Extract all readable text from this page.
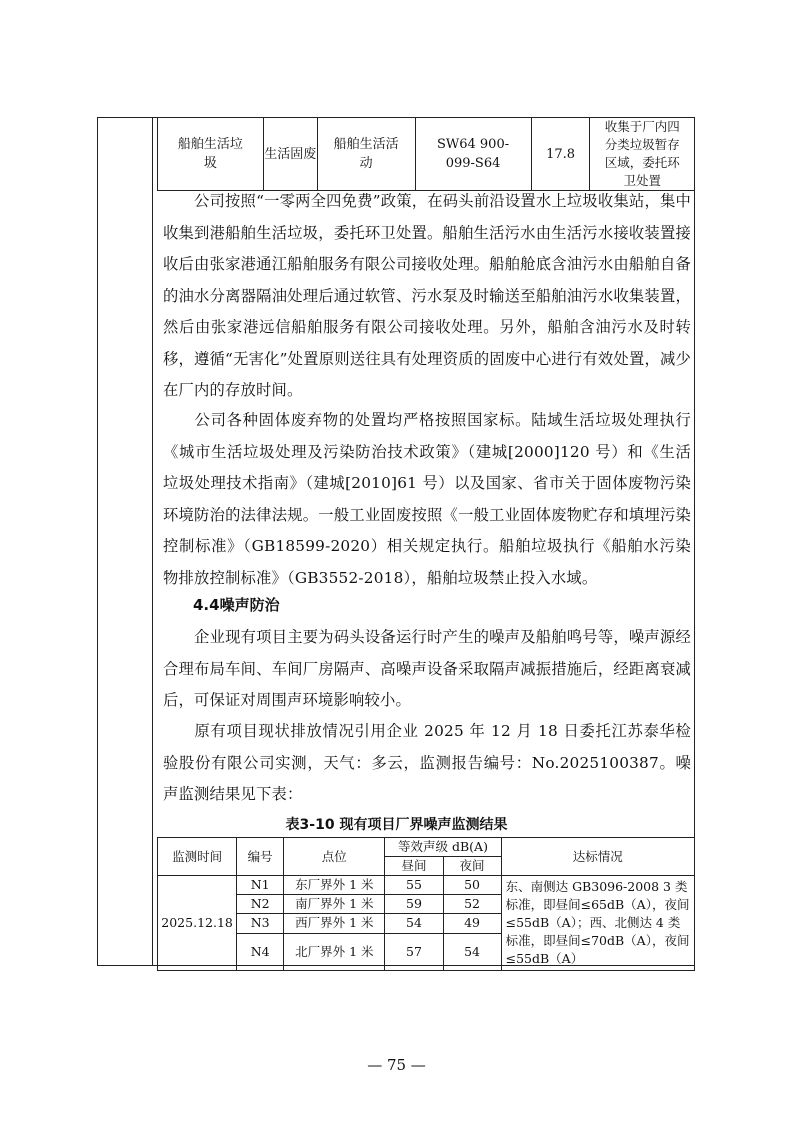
船舶生活垃圾	生活固废	船舶生活活动	SW64 900-099-S64	17.8	收集于厂内四分类垃圾暂存区域，委托环卫处置

公司按照“一零两全四免费”政策，在码头前沿设置水上垃圾收集站，集中收集到港船舶生活垃圾，委托环卫处置。船舶生活污水由生活污水接收装置接收后由张家港通江船舶服务有限公司接收处理。船舶舱底含油污水由船舶自备的油水分离器隔油处理后通过软管、污水泵及时输送至船舶油污水收集装置，然后由张家港远信船舶服务有限公司接收处理。另外，船舶含油污水及时转移，遵循“无害化”处置原则送往具有处理资质的固废中心进行有效处置，减少在厂内的存放时间。

公司各种固体废弃物的处置均严格按照国家标。陆域生活垃圾处理执行《城市生活垃圾处理及污染防治技术政策》（建城[2000]120 号）和《生活垃圾处理技术指南》（建城[2010]61 号）以及国家、省市关于固体废物污染环境防治的法律法规。一般工业固废按照《一般工业固体废物贮存和填埋污染控制标准》（GB18599-2020）相关规定执行。船舶垃圾执行《船舶水污染物排放控制标准》（GB3552-2018），船舶垃圾禁止投入水域。

4.4噪声防治

企业现有项目主要为码头设备运行时产生的噪声及船舶鸣号等，噪声源经合理布局车间、车间厂房隔声、高噪声设备采取隔声减振措施后，经距离衰减后，可保证对周围声环境影响较小。

原有项目现状排放情况引用企业 2025 年 12 月 18 日委托江苏泰华检验股份有限公司实测，天气：多云，监测报告编号：No.2025100387。噪声监测结果见下表：

表3-10 现有项目厂界噪声监测结果

监测时间	编号	点位	等效声级 dB(A)		达标情况
			昼间	夜间	
2025.12.18	N1	东厂界外 1 米	55	50	东、南侧达 GB3096-2008 3 类标准，即昼间≤65dB（A），夜间≤55dB（A）；西、北侧达 4 类标准，即昼间≤70dB（A），夜间≤55dB（A）
	N2	南厂界外 1 米	59	52	
	N3	西厂界外 1 米	54	49	
	N4	北厂界外 1 米	57	54	
— 75 —
